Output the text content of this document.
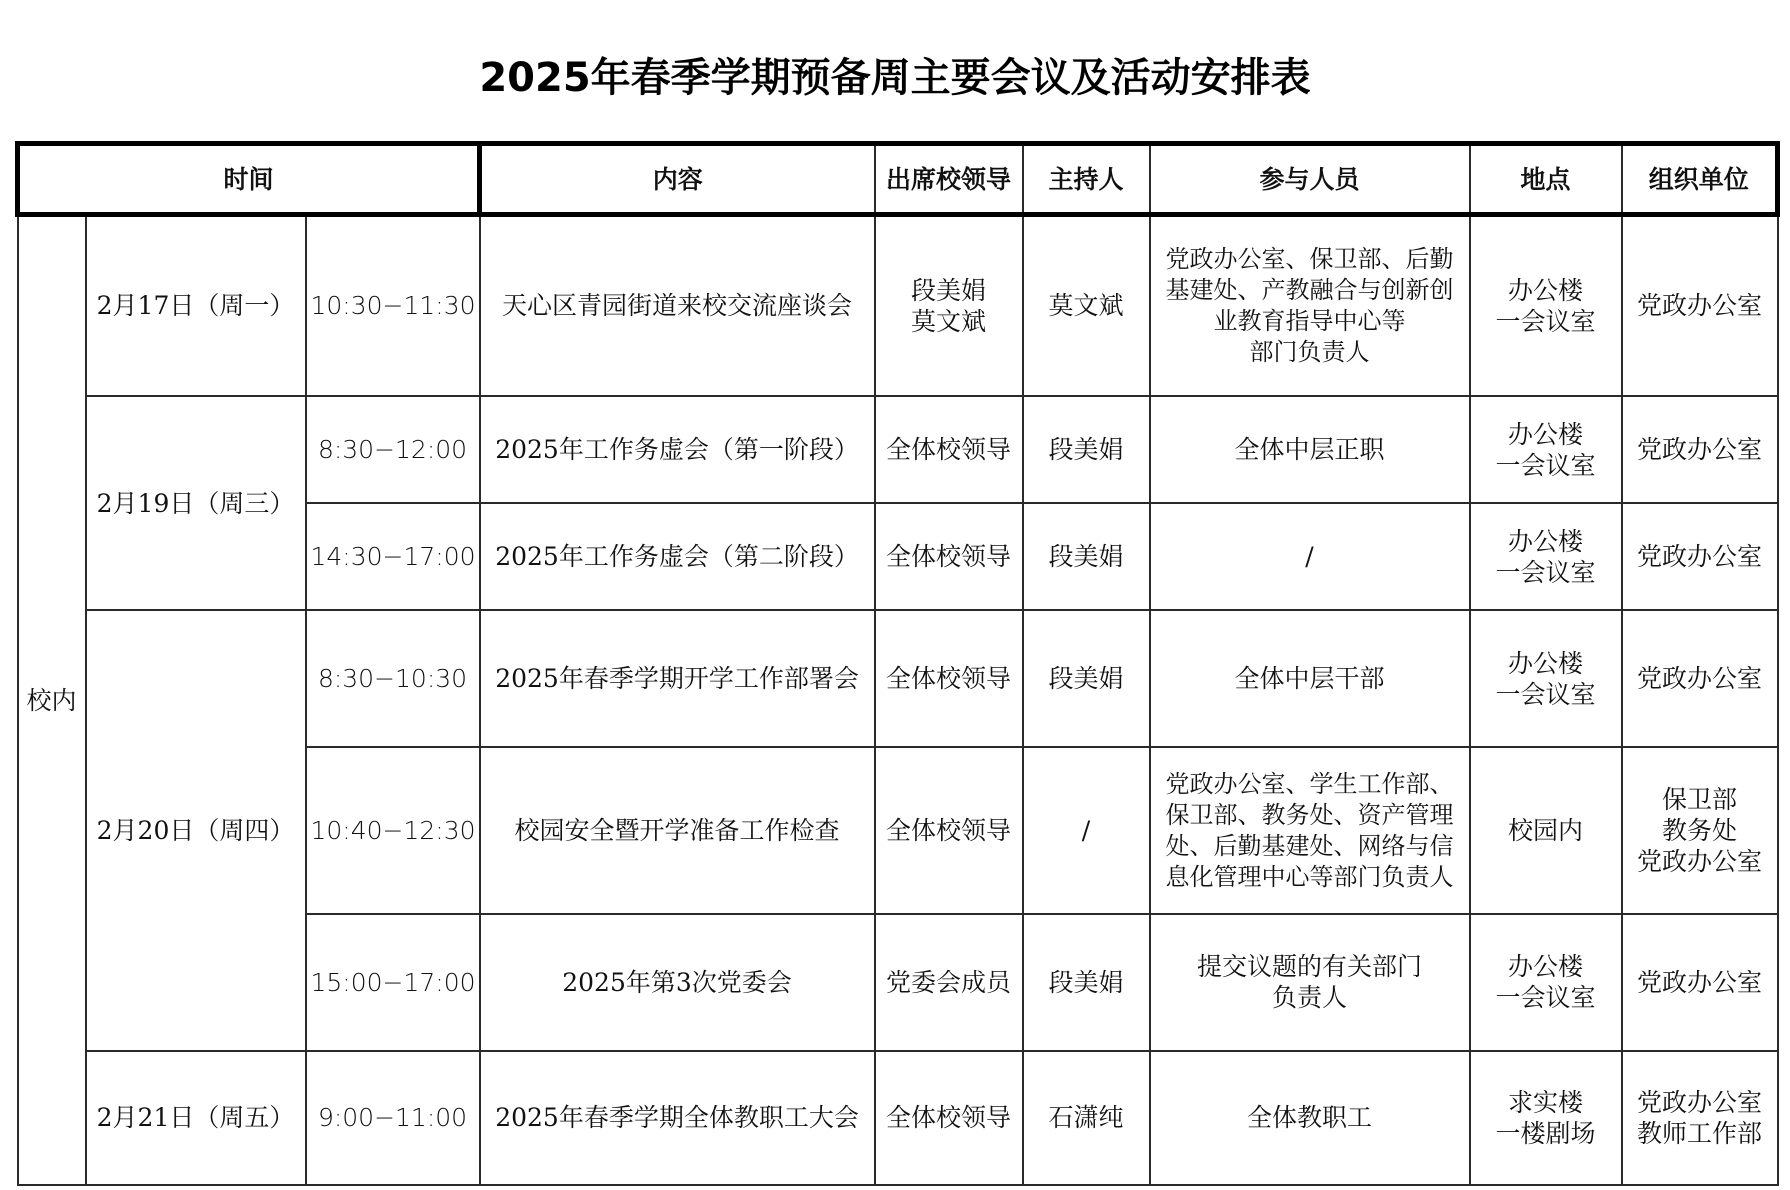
2025年春季学期预备周主要会议及活动安排表
时间			内容	出席校领导	主持人	参与人员	地点	组织单位
校内	2月17日（周一）	10:30−11:30	天心区青园街道来校交流座谈会	段美娟
莫文斌	莫文斌	党政办公室、保卫部、后勤基建处、产教融合与创新创业教育指导中心等
部门负责人	办公楼
一会议室	党政办公室
	2月19日（周三）	8:30−12:00	2025年工作务虚会（第一阶段）	全体校领导	段美娟	全体中层正职	办公楼
一会议室	党政办公室
		14:30−17:00	2025年工作务虚会（第二阶段）	全体校领导	段美娟	/	办公楼
一会议室	党政办公室
	2月20日（周四）	8:30−10:30	2025年春季学期开学工作部署会	全体校领导	段美娟	全体中层干部	办公楼
一会议室	党政办公室
		10:40−12:30	校园安全暨开学准备工作检查	全体校领导	/	党政办公室、学生工作部、保卫部、教务处、资产管理处、后勤基建处、网络与信息化管理中心等部门负责人	校园内	保卫部
教务处
党政办公室
		15:00−17:00	2025年第3次党委会	党委会成员	段美娟	提交议题的有关部门
负责人	办公楼
一会议室	党政办公室
	2月21日（周五）	9:00−11:00	2025年春季学期全体教职工大会	全体校领导	石潇纯	全体教职工	求实楼
一楼剧场	党政办公室
教师工作部
